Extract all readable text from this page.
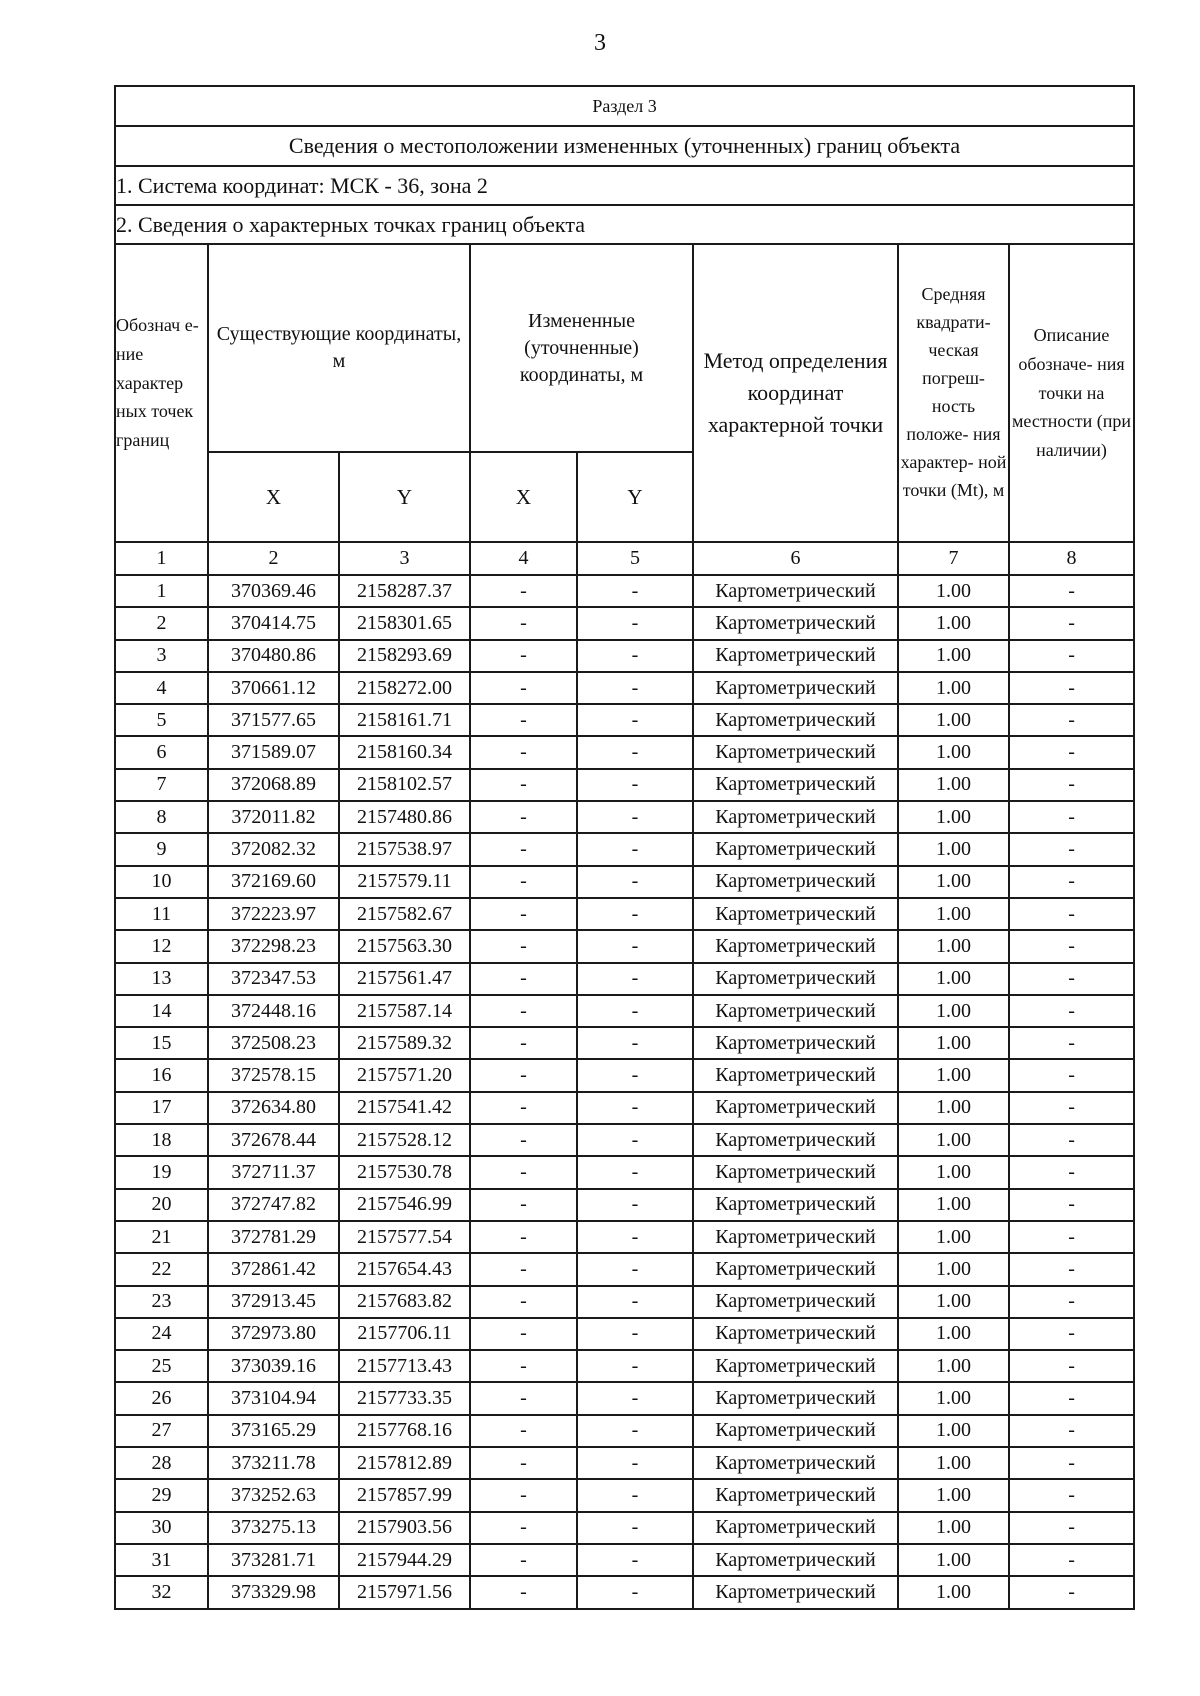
3
Раздел 3							
Сведения о местоположении измененных (уточненных) границ объекта							
1. Система координат: МСК - 36, зона 2							
2. Сведения о характерных точках границ объекта							
Обознач е-ние характер ных точек границ	Существующие координаты, м		Измененные (уточненные) координаты, м		Метод определения координат характерной точки	Средняя квадрати- ческая погреш- ность положе- ния характер- ной точки (Mt), м	Описание обозначе- ния точки на местности (при наличии)
	X	Y	X	Y			
1	2	3	4	5	6	7	8
1	370369.46	2158287.37	-	-	Картометрический	1.00	-
2	370414.75	2158301.65	-	-	Картометрический	1.00	-
3	370480.86	2158293.69	-	-	Картометрический	1.00	-
4	370661.12	2158272.00	-	-	Картометрический	1.00	-
5	371577.65	2158161.71	-	-	Картометрический	1.00	-
6	371589.07	2158160.34	-	-	Картометрический	1.00	-
7	372068.89	2158102.57	-	-	Картометрический	1.00	-
8	372011.82	2157480.86	-	-	Картометрический	1.00	-
9	372082.32	2157538.97	-	-	Картометрический	1.00	-
10	372169.60	2157579.11	-	-	Картометрический	1.00	-
11	372223.97	2157582.67	-	-	Картометрический	1.00	-
12	372298.23	2157563.30	-	-	Картометрический	1.00	-
13	372347.53	2157561.47	-	-	Картометрический	1.00	-
14	372448.16	2157587.14	-	-	Картометрический	1.00	-
15	372508.23	2157589.32	-	-	Картометрический	1.00	-
16	372578.15	2157571.20	-	-	Картометрический	1.00	-
17	372634.80	2157541.42	-	-	Картометрический	1.00	-
18	372678.44	2157528.12	-	-	Картометрический	1.00	-
19	372711.37	2157530.78	-	-	Картометрический	1.00	-
20	372747.82	2157546.99	-	-	Картометрический	1.00	-
21	372781.29	2157577.54	-	-	Картометрический	1.00	-
22	372861.42	2157654.43	-	-	Картометрический	1.00	-
23	372913.45	2157683.82	-	-	Картометрический	1.00	-
24	372973.80	2157706.11	-	-	Картометрический	1.00	-
25	373039.16	2157713.43	-	-	Картометрический	1.00	-
26	373104.94	2157733.35	-	-	Картометрический	1.00	-
27	373165.29	2157768.16	-	-	Картометрический	1.00	-
28	373211.78	2157812.89	-	-	Картометрический	1.00	-
29	373252.63	2157857.99	-	-	Картометрический	1.00	-
30	373275.13	2157903.56	-	-	Картометрический	1.00	-
31	373281.71	2157944.29	-	-	Картометрический	1.00	-
32	373329.98	2157971.56	-	-	Картометрический	1.00	-
